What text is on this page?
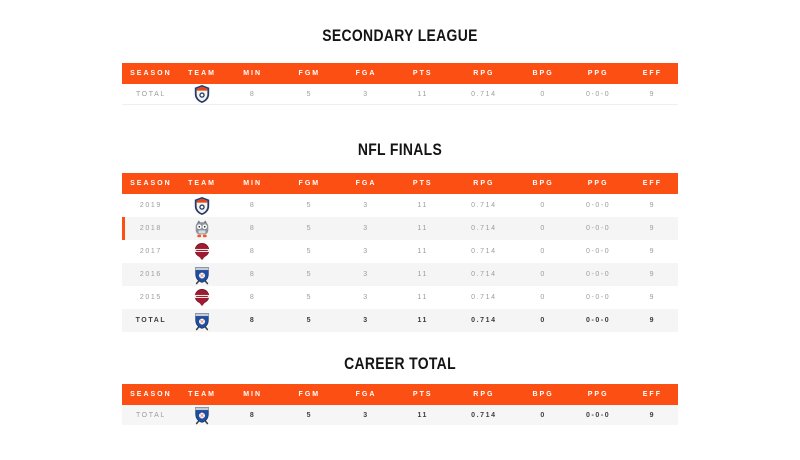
SECONDARY LEAGUE
SEASON	TEAM	MIN	FGM	FGA	PTS	RPG	BPG	PPG	EFF
TOTAL		8	5	3	11	0.714	0	0-0-0	9
NFL FINALS
SEASON	TEAM	MIN	FGM	FGA	PTS	RPG	BPG	PPG	EFF
2019		8	5	3	11	0.714	0	0-0-0	9
2018		8	5	3	11	0.714	0	0-0-0	9
2017		8	5	3	11	0.714	0	0-0-0	9
2016		8	5	3	11	0.714	0	0-0-0	9
2015		8	5	3	11	0.714	0	0-0-0	9
TOTAL		8	5	3	11	0.714	0	0-0-0	9
CAREER TOTAL
SEASON	TEAM	MIN	FGM	FGA	PTS	RPG	BPG	PPG	EFF
TOTAL		8	5	3	11	0.714	0	0-0-0	9
